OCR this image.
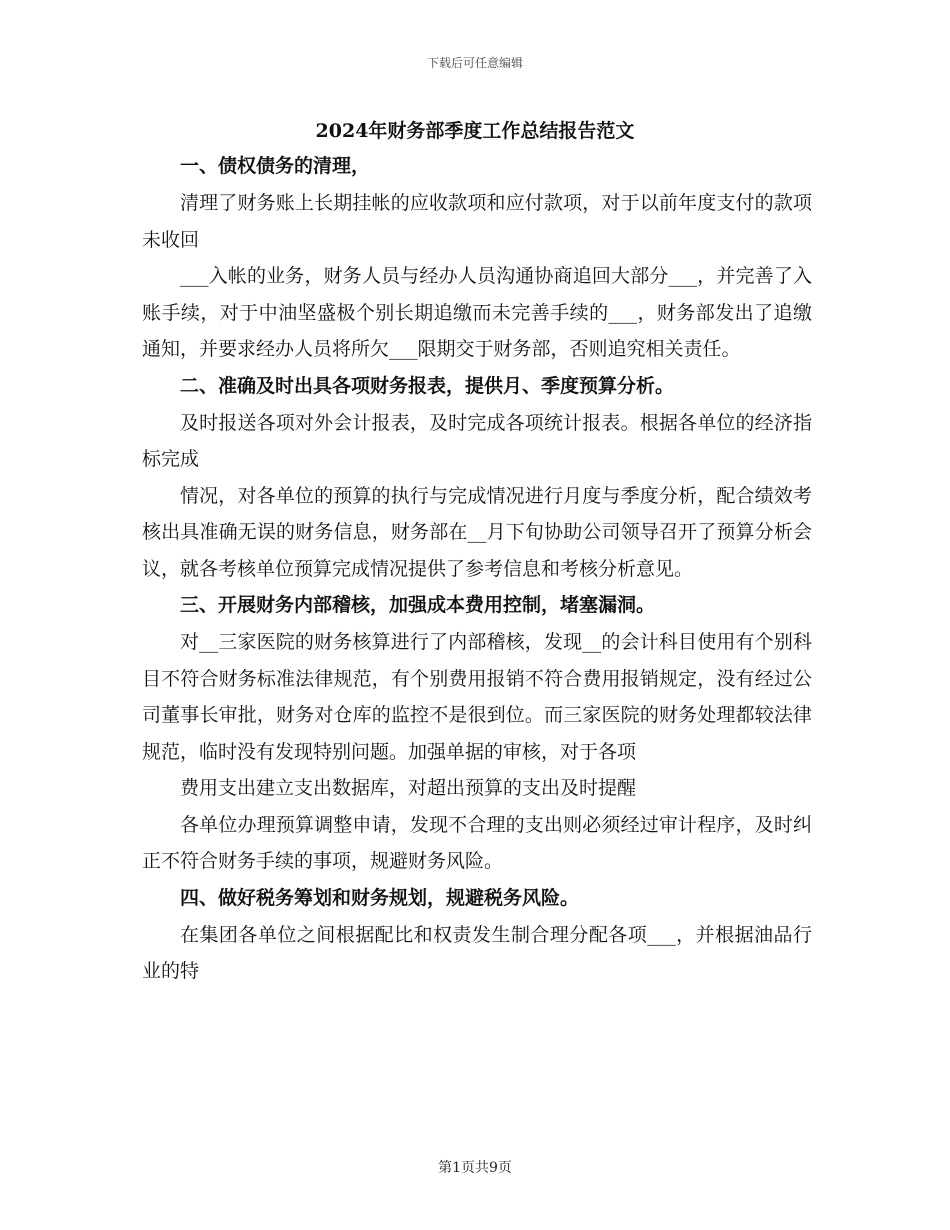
下载后可任意编辑
2024年财务部季度工作总结报告范文
一、债权债务的清理，

清理了财务账上长期挂帐的应收款项和应付款项，对于以前年度支付的款项未收回

___入帐的业务，财务人员与经办人员沟通协商追回大部分___，并完善了入账手续，对于中油坚盛极个别长期追缴而未完善手续的___，财务部发出了追缴通知，并要求经办人员将所欠___限期交于财务部，否则追究相关责任。

二、准确及时出具各项财务报表，提供月、季度预算分析。

及时报送各项对外会计报表，及时完成各项统计报表。根据各单位的经济指标完成

情况，对各单位的预算的执行与完成情况进行月度与季度分析，配合绩效考核出具准确无误的财务信息，财务部在__月下旬协助公司领导召开了预算分析会议，就各考核单位预算完成情况提供了参考信息和考核分析意见。

三、开展财务内部稽核，加强成本费用控制，堵塞漏洞。

对__三家医院的财务核算进行了内部稽核，发现__的会计科目使用有个别科目不符合财务标准法律规范，有个别费用报销不符合费用报销规定，没有经过公司董事长审批，财务对仓库的监控不是很到位。而三家医院的财务处理都较法律规范，临时没有发现特别问题。加强单据的审核，对于各项

费用支出建立支出数据库，对超出预算的支出及时提醒

各单位办理预算调整申请，发现不合理的支出则必须经过审计程序，及时纠正不符合财务手续的事项，规避财务风险。

四、做好税务筹划和财务规划，规避税务风险。

在集团各单位之间根据配比和权责发生制合理分配各项___，并根据油品行业的特

第1页共9页
